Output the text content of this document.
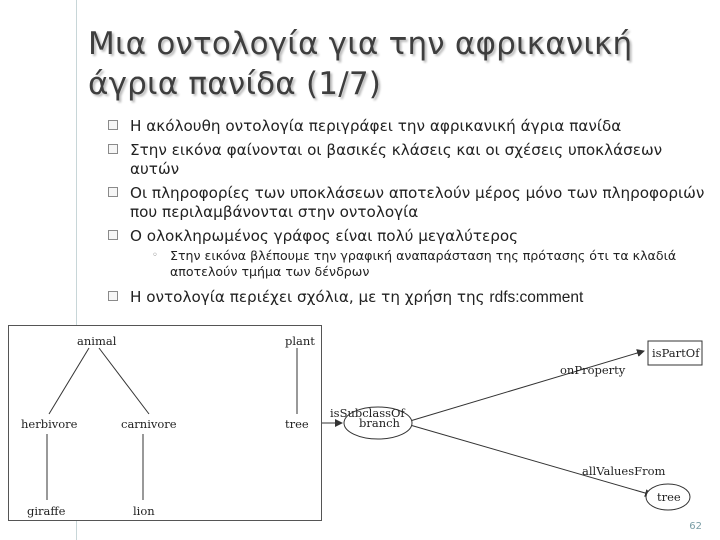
Μια οντολογία για την αφρικανική άγρια πανίδα (1/7)
Η ακόλουθη οντολογία περιγράφει την αφρικανική άγρια πανίδα
Στην εικόνα φαίνονται οι βασικές κλάσεις και οι σχέσεις υποκλάσεων αυτών
Οι πληροφορίες των υποκλάσεων αποτελούν μέρος μόνο των πληροφοριών που περιλαμβάνονται στην οντολογία
Ο ολοκληρωμένος γράφος είναι πολύ μεγαλύτερος
◦ Στην εικόνα βλέπουμε την γραφική αναπαράσταση της πρότασης ότι τα κλαδιά αποτελούν τμήμα των δένδρων
Η οντολογία περιέχει σχόλια, με τη χρήση της rdfs:comment
animal	plant
herbivore	carnivore	tree
giraffe	lion
branch
isPartOf
tree
isSubclassOf
onProperty
allValuesFrom
62
